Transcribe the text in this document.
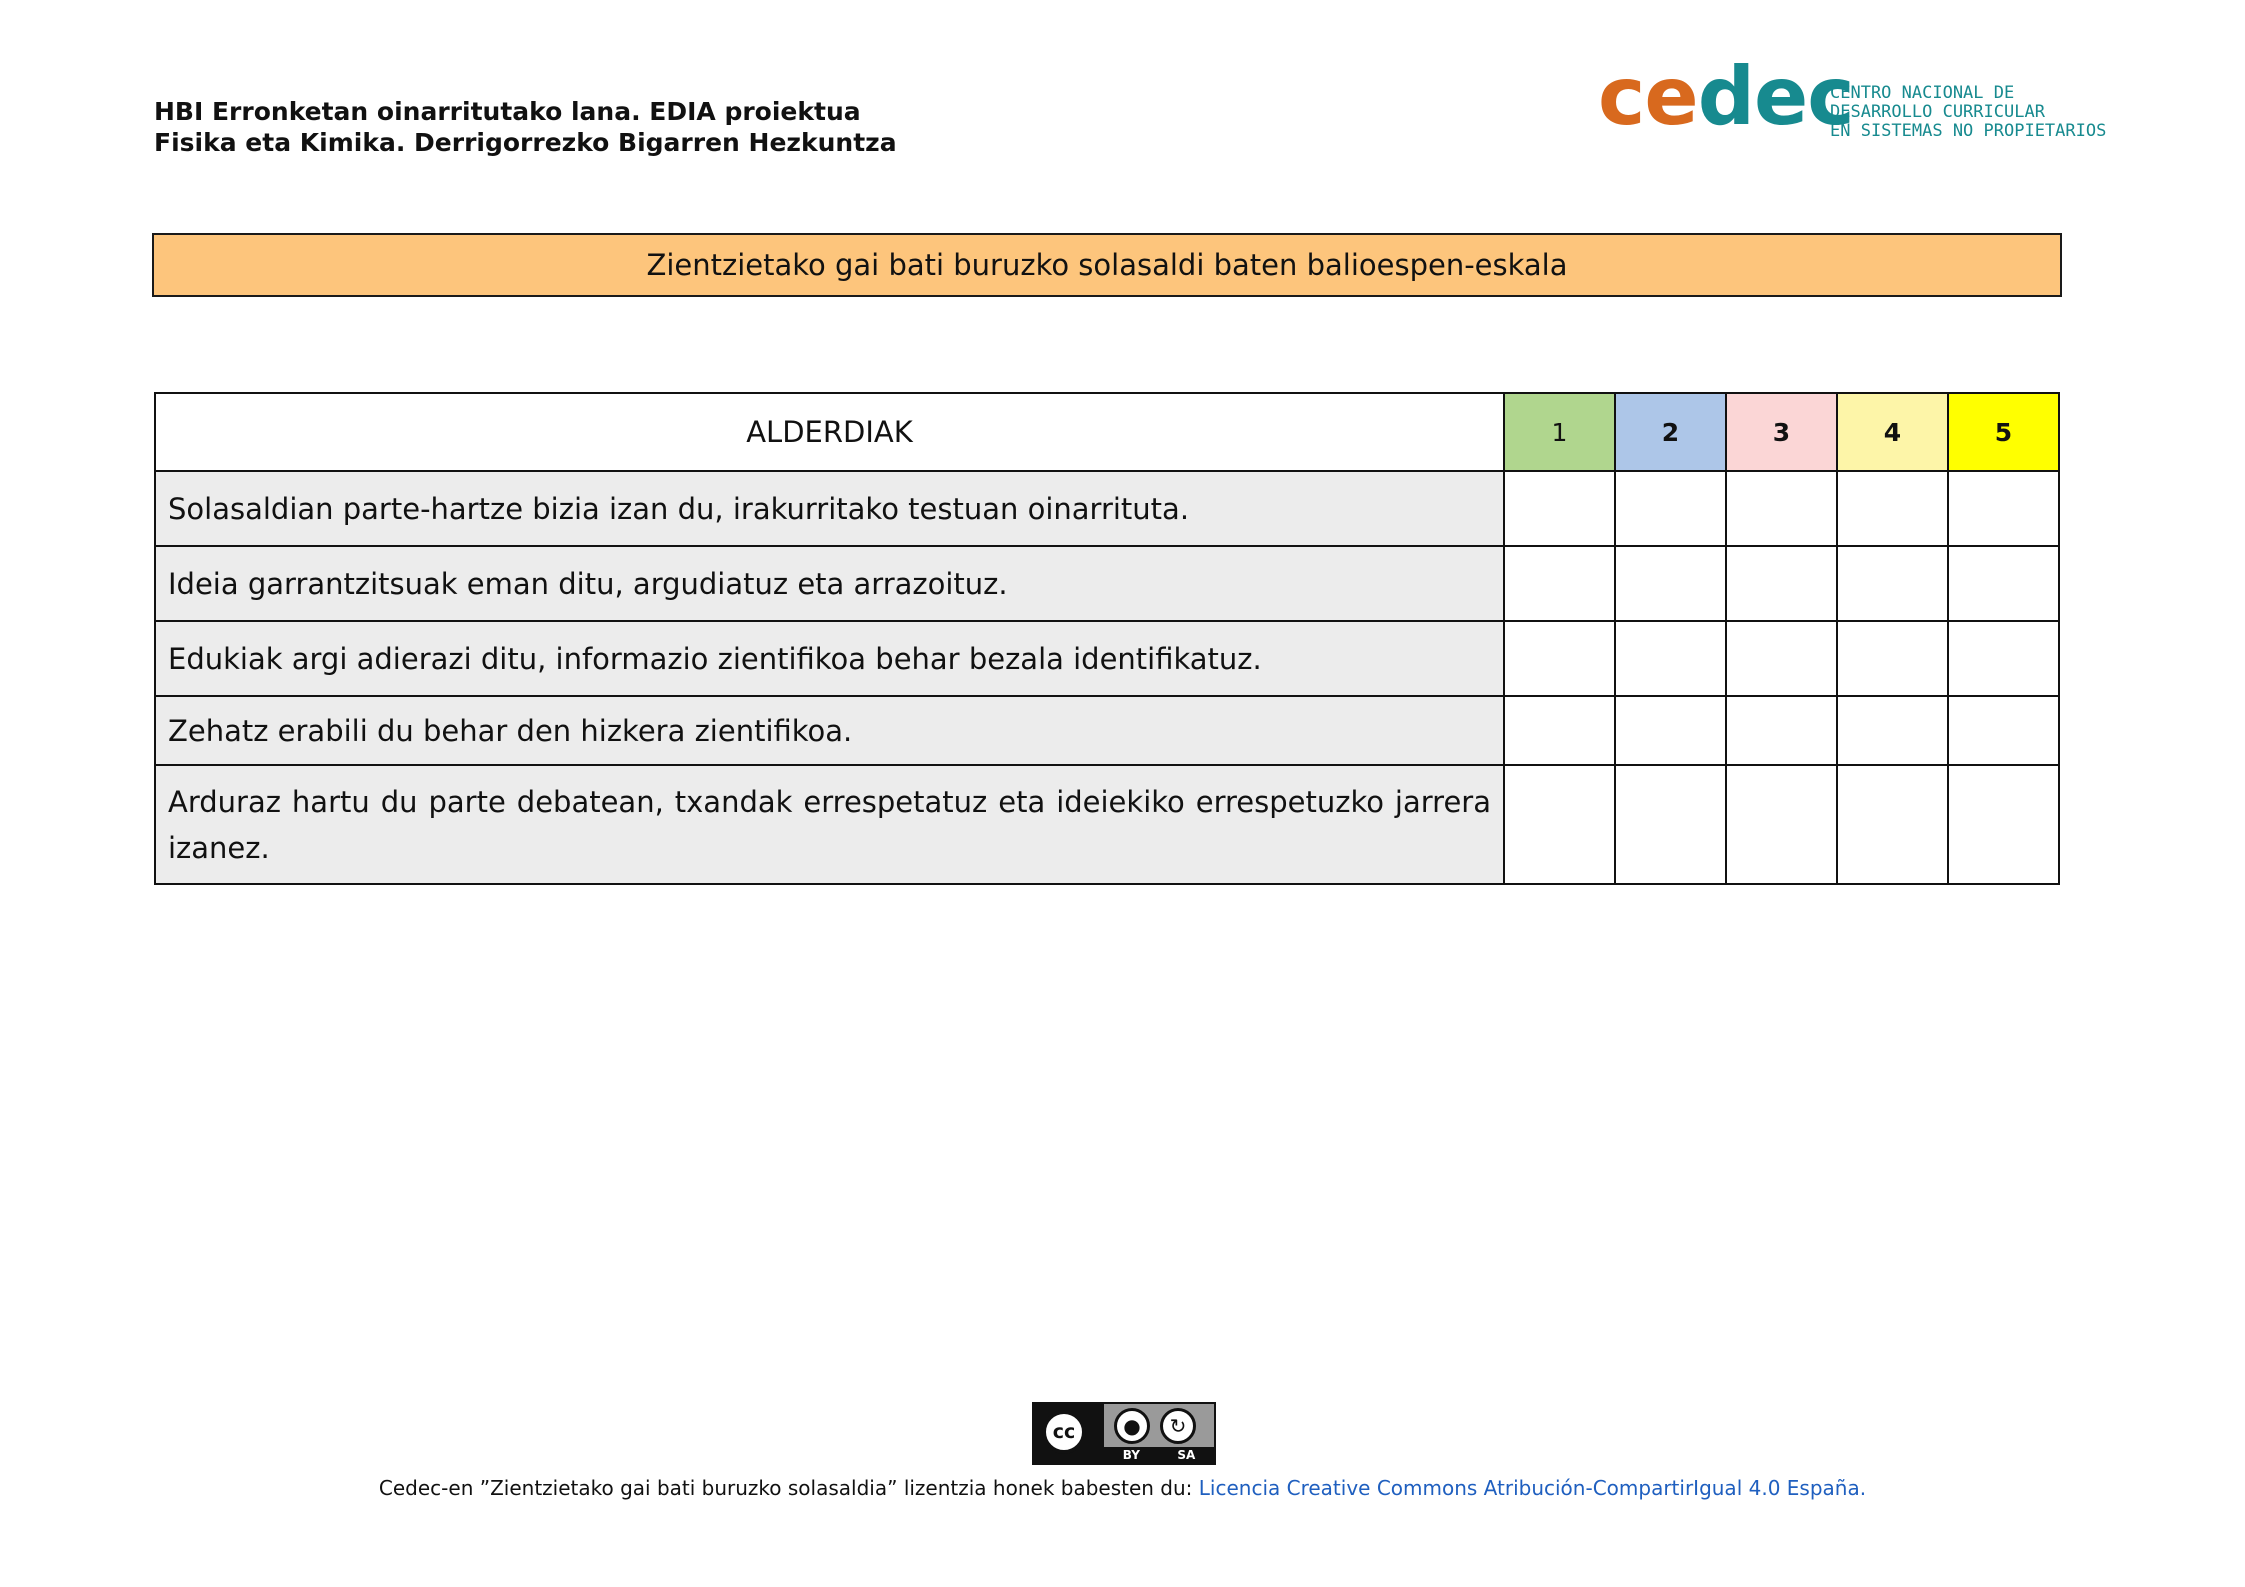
HBI Erronketan oinarritutako lana. EDIA proiektua
Fisika eta Kimika. Derrigorrezko Bigarren Hezkuntza	cedec
CENTRO NACIONAL DE
DESARROLLO CURRICULAR
EN SISTEMAS NO PROPIETARIOS
Zientzietako gai bati buruzko solasaldi baten balioespen-eskala
ALDERDIAK	1	2	3	4	5
Solasaldian parte-hartze bizia izan du, irakurritako testuan oinarrituta.					
Ideia garrantzitsuak eman ditu, argudiatuz eta arrazoituz.					
Edukiak argi adierazi ditu, informazio zientifikoa behar bezala identifikatuz.					
Zehatz erabili du behar den hizkera zientifikoa.					
Arduraz hartu du parte debatean, txandak errespetatuz eta ideiekiko errespetuzko jarrera izanez.					
cc	●	↻
BY	SA
Cedec-en ”Zientzietako gai bati buruzko solasaldia” lizentzia honek babesten du: Licencia Creative Commons Atribución-CompartirIgual 4.0 España.
